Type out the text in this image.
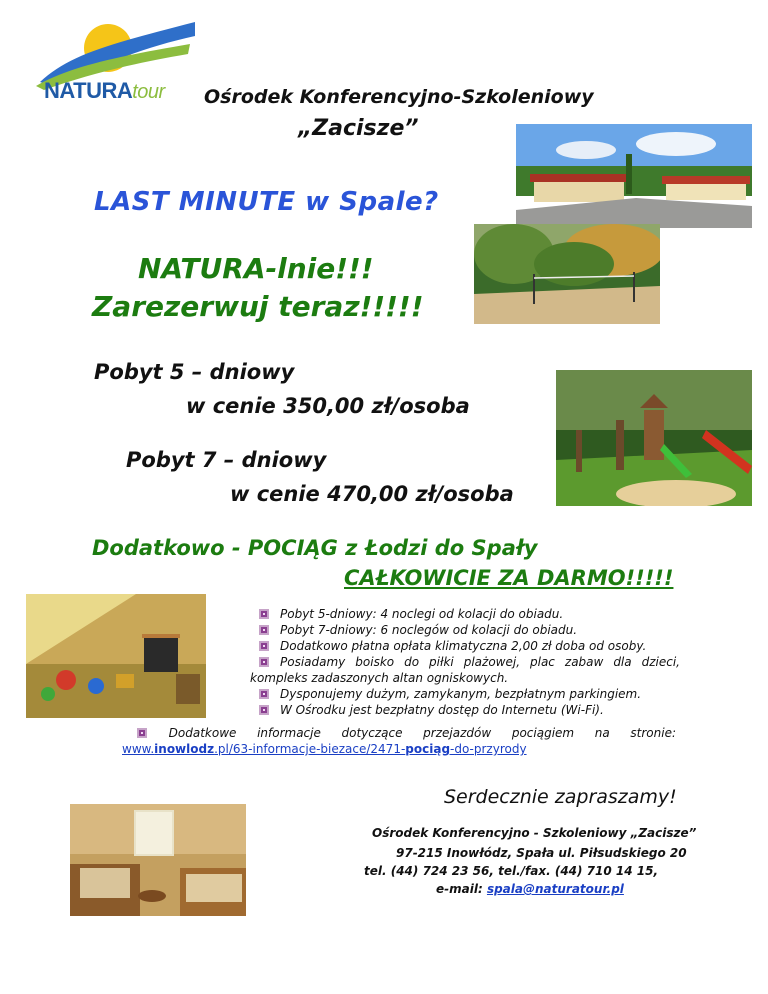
NATURAtour Ośrodek Konferencyjno-Szkoleniowy
„Zacisze”
LAST MINUTE w Spale?
NATURA-lnie!!!
Zarezerwuj teraz!!!!!
Pobyt 5 – dniowy
w cenie 350,00 zł/osoba
Pobyt 7 – dniowy
w cenie 470,00 zł/osoba
Dodatkowo - POCIĄG z Łodzi do Spały
CAŁKOWICIE ZA DARMO!!!!!
Pobyt 5-dniowy: 4 noclegi od kolacji do obiadu.
Pobyt 7-dniowy: 6 noclegów od kolacji do obiadu.
Dodatkowo płatna opłata klimatyczna 2,00 zł doba od osoby.
Posiadamy boisko do piłki plażowej, plac zabaw dla dzieci,
kompleks zadaszonych altan ogniskowych.
Dysponujemy dużym, zamykanym, bezpłatnym parkingiem.
W Ośrodku jest bezpłatny dostęp do Internetu (Wi-Fi).
Dodatkowe informacje dotyczące przejazdów pociągiem na stronie:
www.inowlodz.pl/63-informacje-biezace/2471-pociąg-do-przyrody
Serdecznie zapraszamy!
Ośrodek Konferencyjno - Szkoleniowy „Zacisze”
97-215 Inowłódz, Spała ul. Piłsudskiego 20
tel. (44) 724 23 56, tel./fax. (44) 710 14 15,
e-mail: spala@naturatour.pl
